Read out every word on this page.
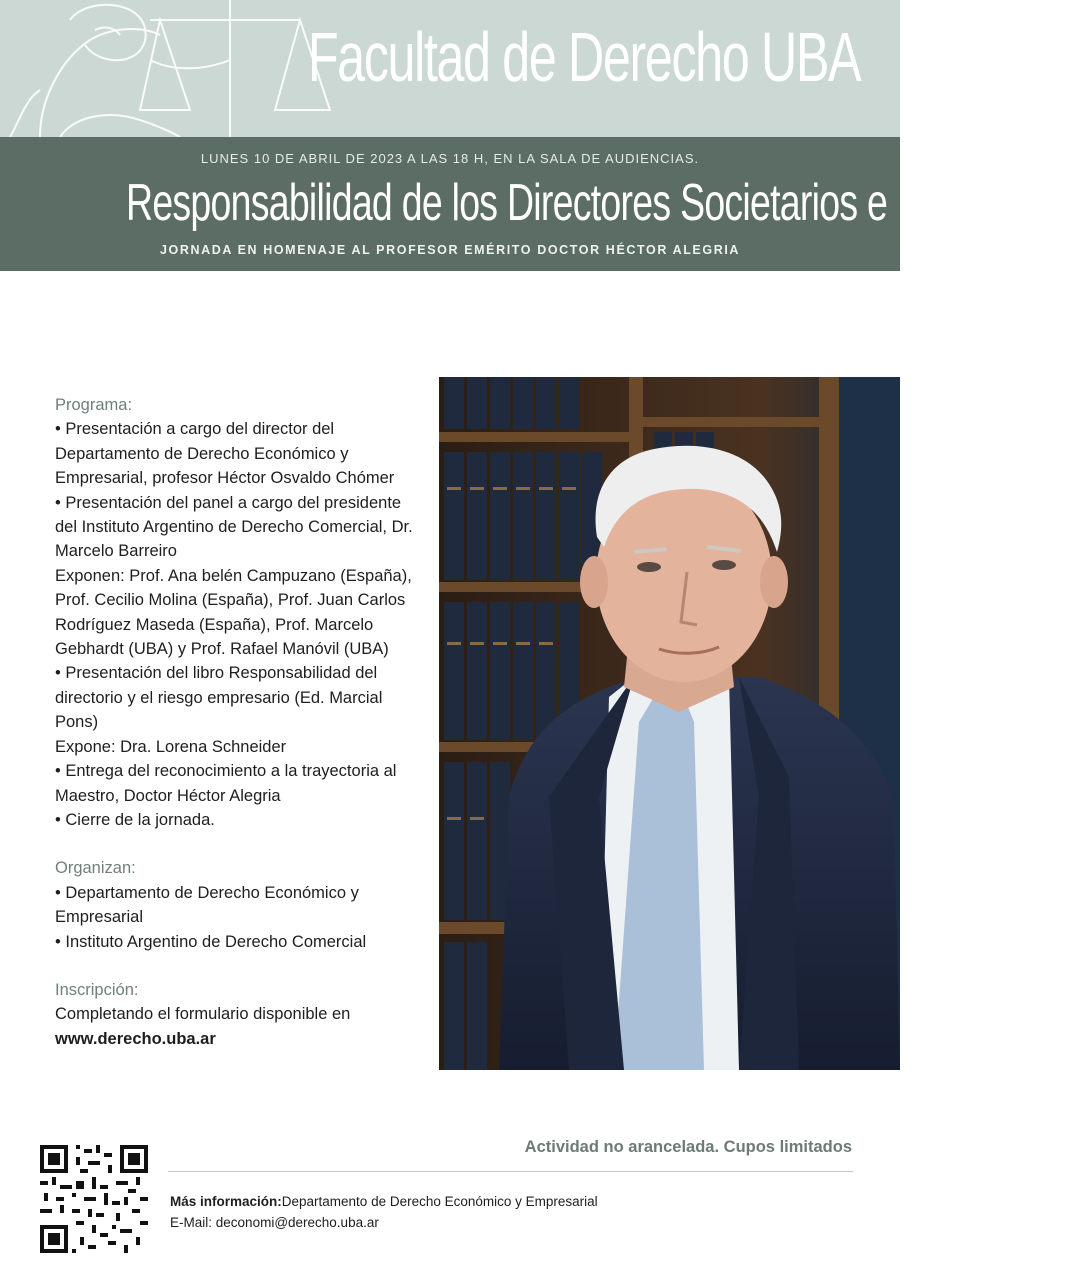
Facultad de Derecho UBA
LUNES 10 DE ABRIL DE 2023 A LAS 18 H, EN LA SALA DE AUDIENCIAS.
Responsabilidad de los Directores Societarios e Insolvencia
JORNADA EN HOMENAJE AL PROFESOR EMÉRITO DOCTOR HÉCTOR ALEGRIA
Programa:

• Presentación a cargo del director del Departamento de Derecho Económico y Empresarial, profesor Héctor Osvaldo Chómer

• Presentación del panel a cargo del presidente del Instituto Argentino de Derecho Comercial, Dr. Marcelo Barreiro

Exponen: Prof. Ana belén Campuzano (España), Prof. Cecilio Molina (España), Prof. Juan Carlos Rodríguez Maseda (España), Prof. Marcelo Gebhardt (UBA) y Prof. Rafael Manóvil (UBA)

• Presentación del libro Responsabilidad del directorio y el riesgo empresario (Ed. Marcial Pons)

Expone: Dra. Lorena Schneider

• Entrega del reconocimiento a la trayectoria al Maestro, Doctor Héctor Alegria

• Cierre de la jornada.

Organizan:

• Departamento de Derecho Económico y Empresarial

• Instituto Argentino de Derecho Comercial

Inscripción:

Completando el formulario disponible en

www.derecho.uba.ar

Actividad no arancelada. Cupos limitados
Más información:Departamento de Derecho Económico y Empresarial
E-Mail: deconomi@derecho.uba.ar
